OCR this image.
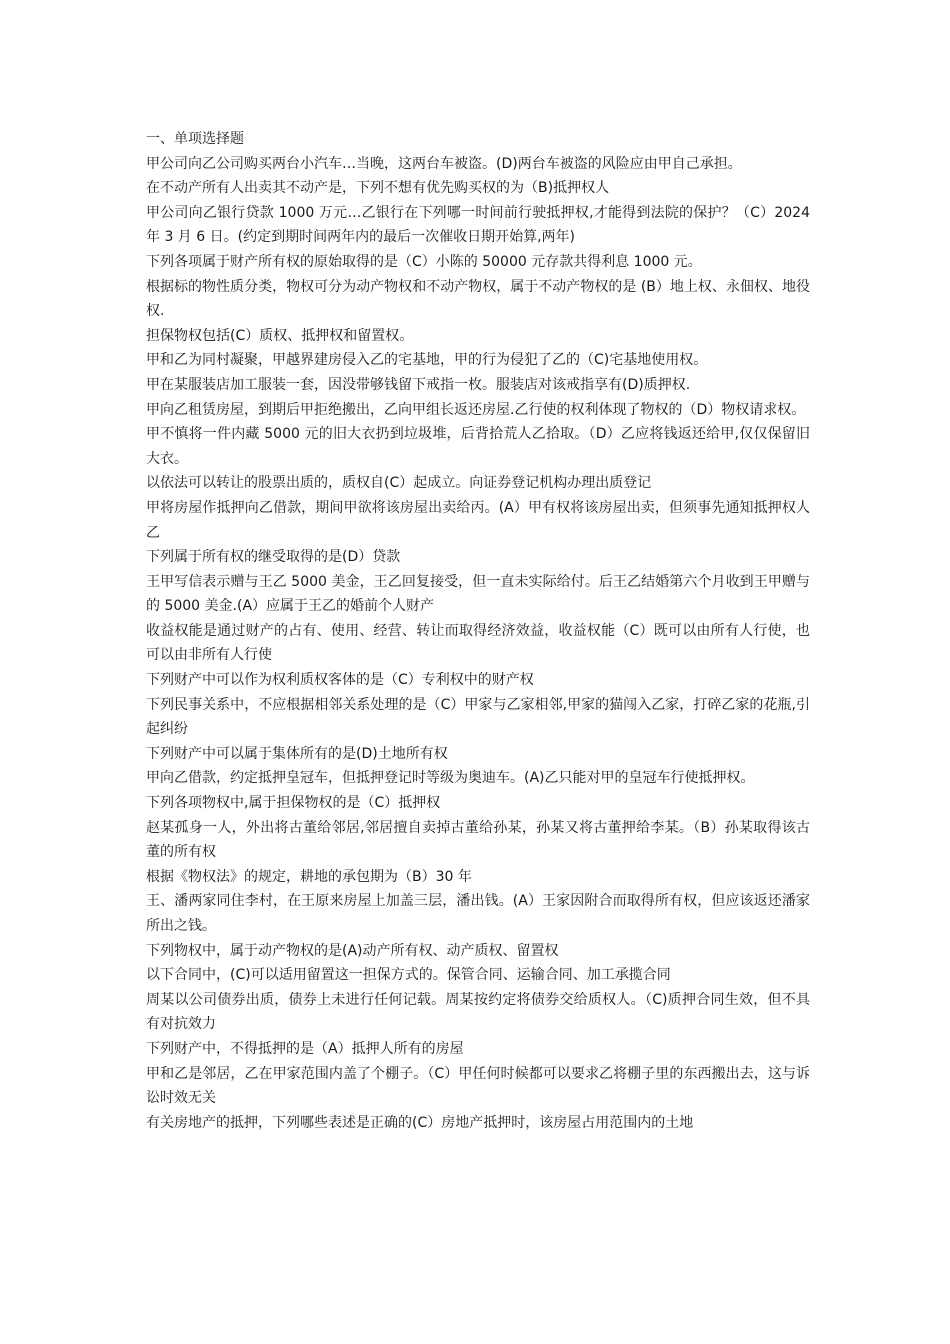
一、单项选择题

甲公司向乙公司购买两台小汽车…当晚，这两台车被盗。(D)两台车被盗的风险应由甲自己承担。

在不动产所有人出卖其不动产是，下列不想有优先购买权的为（B)抵押权人

甲公司向乙银行贷款 1000 万元…乙银行在下列哪一时间前行驶抵押权,才能得到法院的保护？（C）2024 年 3 月 6 日。(约定到期时间两年内的最后一次催收日期开始算,两年)

下列各项属于财产所有权的原始取得的是（C）小陈的 50000 元存款共得利息 1000 元。

根据标的物性质分类，物权可分为动产物权和不动产物权，属于不动产物权的是 (B）地上权、永佃权、地役权.

担保物权包括(C）质权、抵押权和留置权。

甲和乙为同村凝聚，甲越界建房侵入乙的宅基地，甲的行为侵犯了乙的（C)宅基地使用权。

甲在某服装店加工服装一套，因没带够钱留下戒指一枚。服装店对该戒指享有(D)质押权.

甲向乙租赁房屋，到期后甲拒绝搬出，乙向甲组长返还房屋.乙行使的权利体现了物权的（D）物权请求权。

甲不慎将一件内藏 5000 元的旧大衣扔到垃圾堆，后背拾荒人乙拾取。（D）乙应将钱返还给甲,仅仅保留旧大衣。

以依法可以转让的股票出质的，质权自(C）起成立。向证券登记机构办理出质登记

甲将房屋作抵押向乙借款，期间甲欲将该房屋出卖给丙。(A）甲有权将该房屋出卖，但须事先通知抵押权人乙

下列属于所有权的继受取得的是(D）贷款

王甲写信表示赠与王乙 5000 美金，王乙回复接受，但一直未实际给付。后王乙结婚第六个月收到王甲赠与的 5000 美金.(A）应属于王乙的婚前个人财产

收益权能是通过财产的占有、使用、经营、转让而取得经济效益，收益权能（C）既可以由所有人行使，也可以由非所有人行使

下列财产中可以作为权利质权客体的是（C）专利权中的财产权

下列民事关系中，不应根据相邻关系处理的是（C）甲家与乙家相邻,甲家的猫闯入乙家，打碎乙家的花瓶,引起纠纷

下列财产中可以属于集体所有的是(D)土地所有权

甲向乙借款，约定抵押皇冠车，但抵押登记时等级为奥迪车。(A)乙只能对甲的皇冠车行使抵押权。

下列各项物权中,属于担保物权的是（C）抵押权

赵某孤身一人，外出将古董给邻居,邻居擅自卖掉古董给孙某，孙某又将古董押给李某。（B）孙某取得该古董的所有权

根据《物权法》的规定，耕地的承包期为（B）30 年

王、潘两家同住李村，在王原来房屋上加盖三层，潘出钱。(A）王家因附合而取得所有权，但应该返还潘家所出之钱。

下列物权中，属于动产物权的是(A)动产所有权、动产质权、留置权

以下合同中，(C)可以适用留置这一担保方式的。保管合同、运输合同、加工承揽合同

周某以公司债券出质，债券上未进行任何记载。周某按约定将债券交给质权人。（C)质押合同生效，但不具有对抗效力

下列财产中，不得抵押的是（A）抵押人所有的房屋

甲和乙是邻居，乙在甲家范围内盖了个棚子。（C）甲任何时候都可以要求乙将棚子里的东西搬出去，这与诉讼时效无关

有关房地产的抵押，下列哪些表述是正确的(C）房地产抵押时，该房屋占用范围内的土地
